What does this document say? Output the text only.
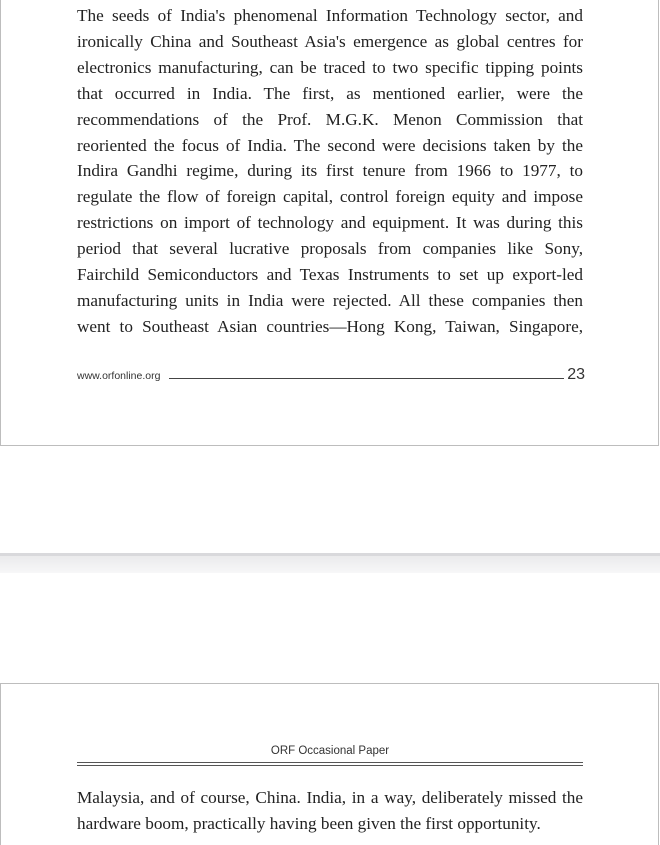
The seeds of India's phenomenal Information Technology sector, and
ironically China and Southeast Asia's emergence as global centres for
electronics manufacturing, can be traced to two specific tipping points
that occurred in India. The first, as mentioned earlier, were the
recommendations of the Prof. M.G.K. Menon Commission that
reoriented the focus of India. The second were decisions taken by the
Indira Gandhi regime, during its first tenure from 1966 to 1977, to
regulate the flow of foreign capital, control foreign equity and impose
restrictions on import of technology and equipment. It was during this
period that several lucrative proposals from companies like Sony,
Fairchild Semiconductors and Texas Instruments to set up export-led
manufacturing units in India were rejected. All these companies then
went to Southeast Asian countries—Hong Kong, Taiwan, Singapore,
www.orfonline.org	23
ORF Occasional Paper
Malaysia, and of course, China. India, in a way, deliberately missed the
hardware boom, practically having been given the first opportunity.
